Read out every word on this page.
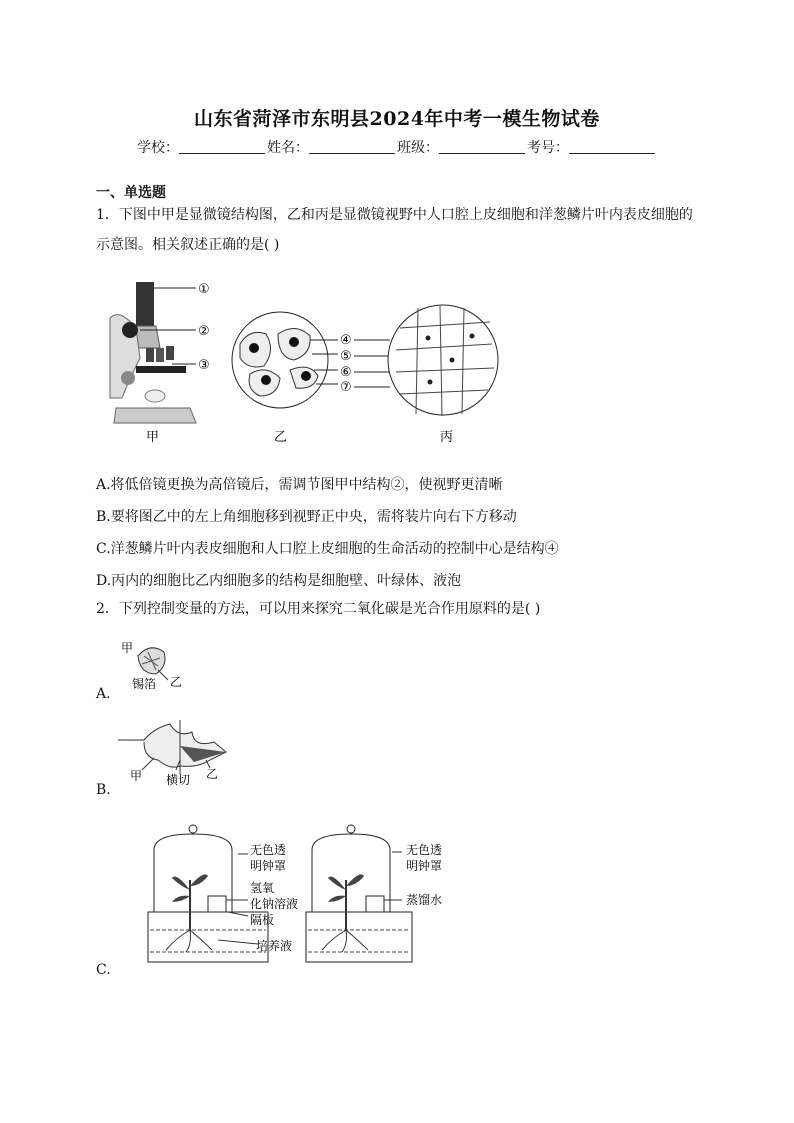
山东省菏泽市东明县2024年中考一模生物试卷
学校：	姓名：	班级：	考号：
一、单选题
1．下图中甲是显微镜结构图，乙和丙是显微镜视野中人口腔上皮细胞和洋葱鳞片叶内表皮细胞的示意图。相关叙述正确的是( )
①
②
③
甲
④
⑤
⑥
⑦
乙	丙
A.将低倍镜更换为高倍镜后，需调节图甲中结构②，使视野更清晰
B.要将图乙中的左上角细胞移到视野正中央，需将装片向右下方移动
C.洋葱鳞片叶内表皮细胞和人口腔上皮细胞的生命活动的控制中心是结构④
D.丙内的细胞比乙内细胞多的结构是细胞壁、叶绿体、液泡
2．下列控制变量的方法，可以用来探究二氧化碳是光合作用原料的是( )
甲
锡箔 乙
A.
甲 横切 乙
B.
无色透
明钟罩
氢氧
化钠溶液
隔板
培养液
无色透
明钟罩
蒸馏水
C.
